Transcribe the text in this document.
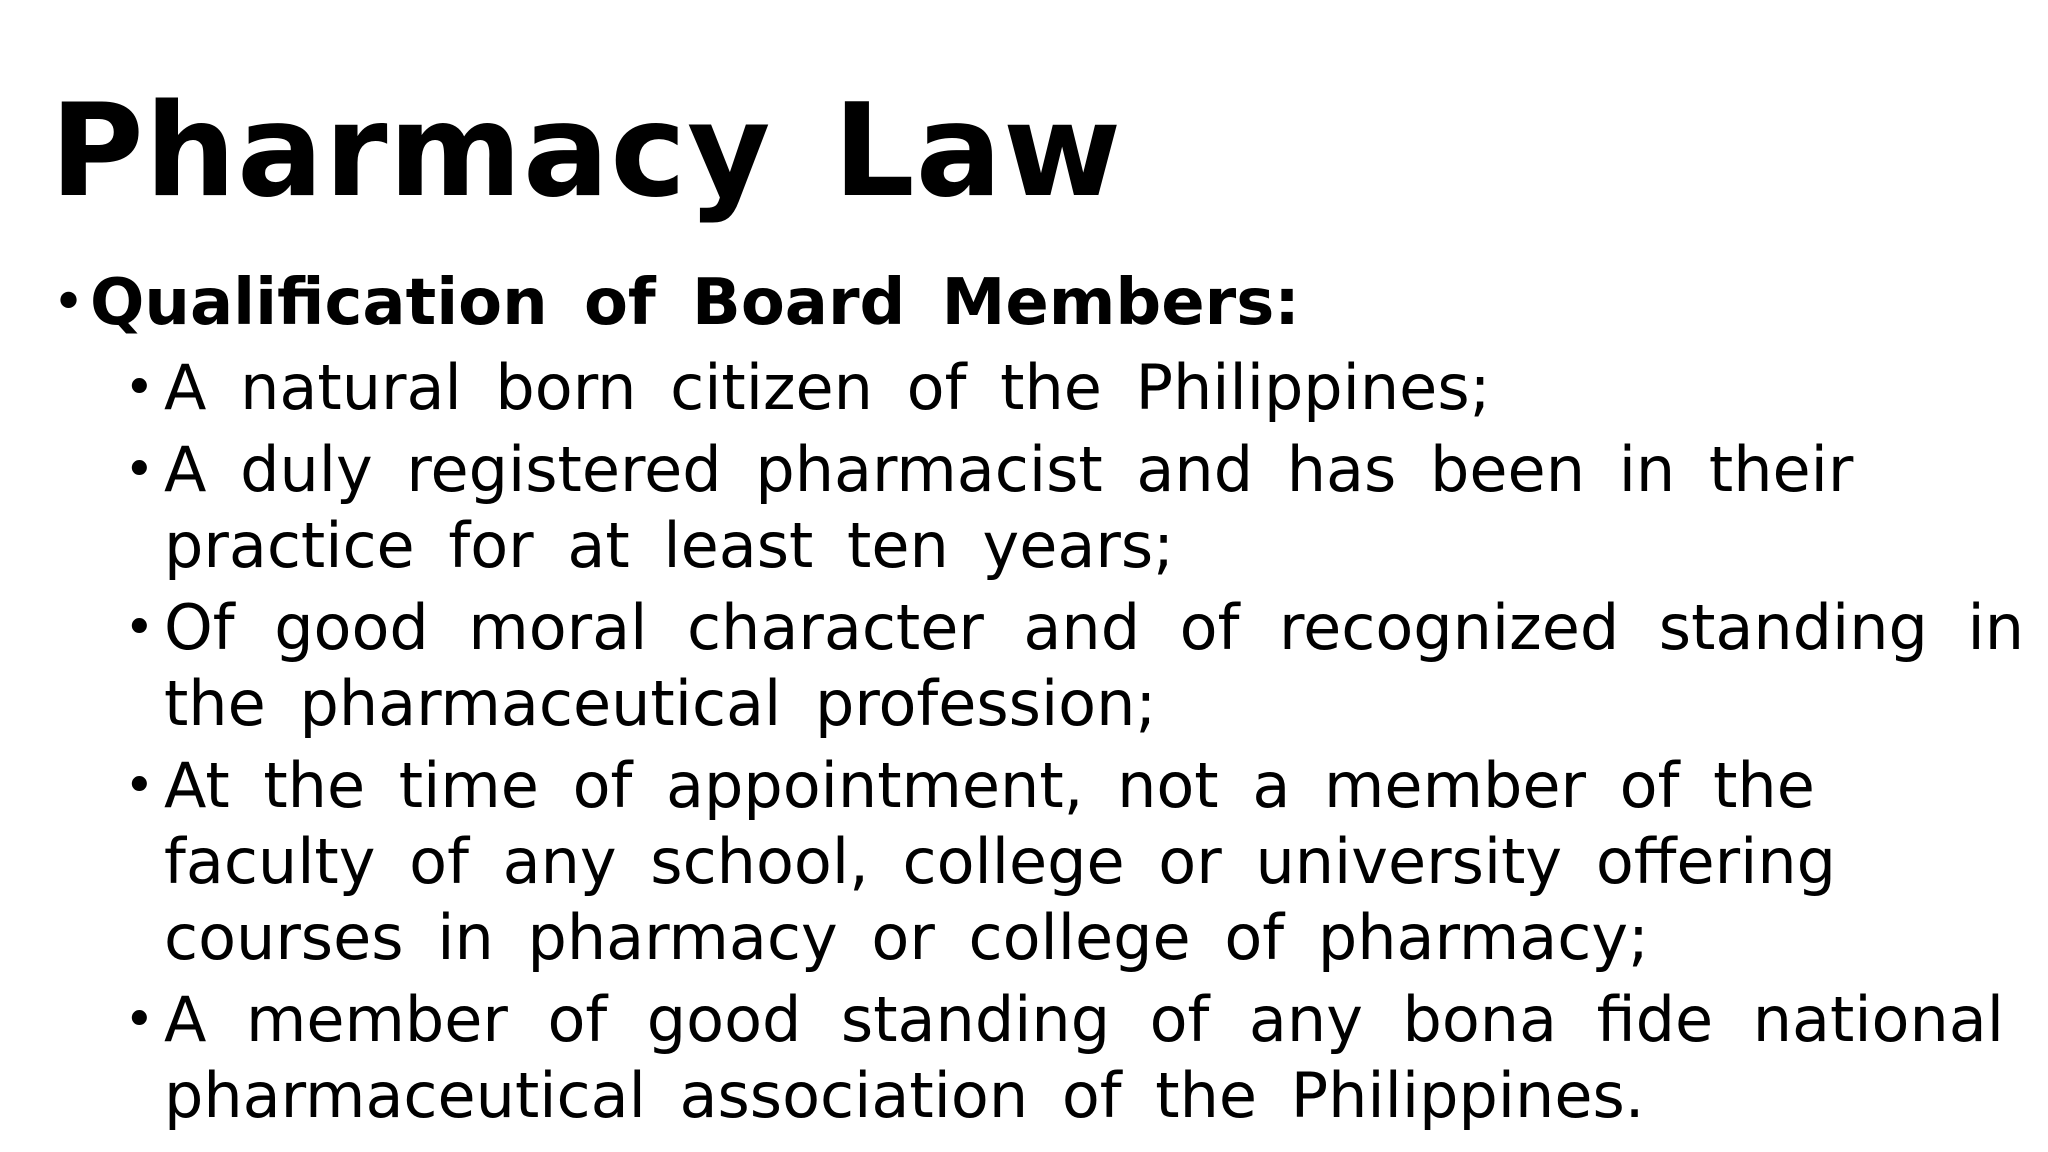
Pharmacy Law
• Qualification of Board Members:
• A natural born citizen of the Philippines;
• A duly registered pharmacist and has been in their practice for at least ten years;
• Of good moral character and of recognized standing in the pharmaceutical profession;
• At the time of appointment, not a member of the faculty of any school, college or university offering courses in pharmacy or college of pharmacy;
• A member of good standing of any bona fide national pharmaceutical association of the Philippines.
